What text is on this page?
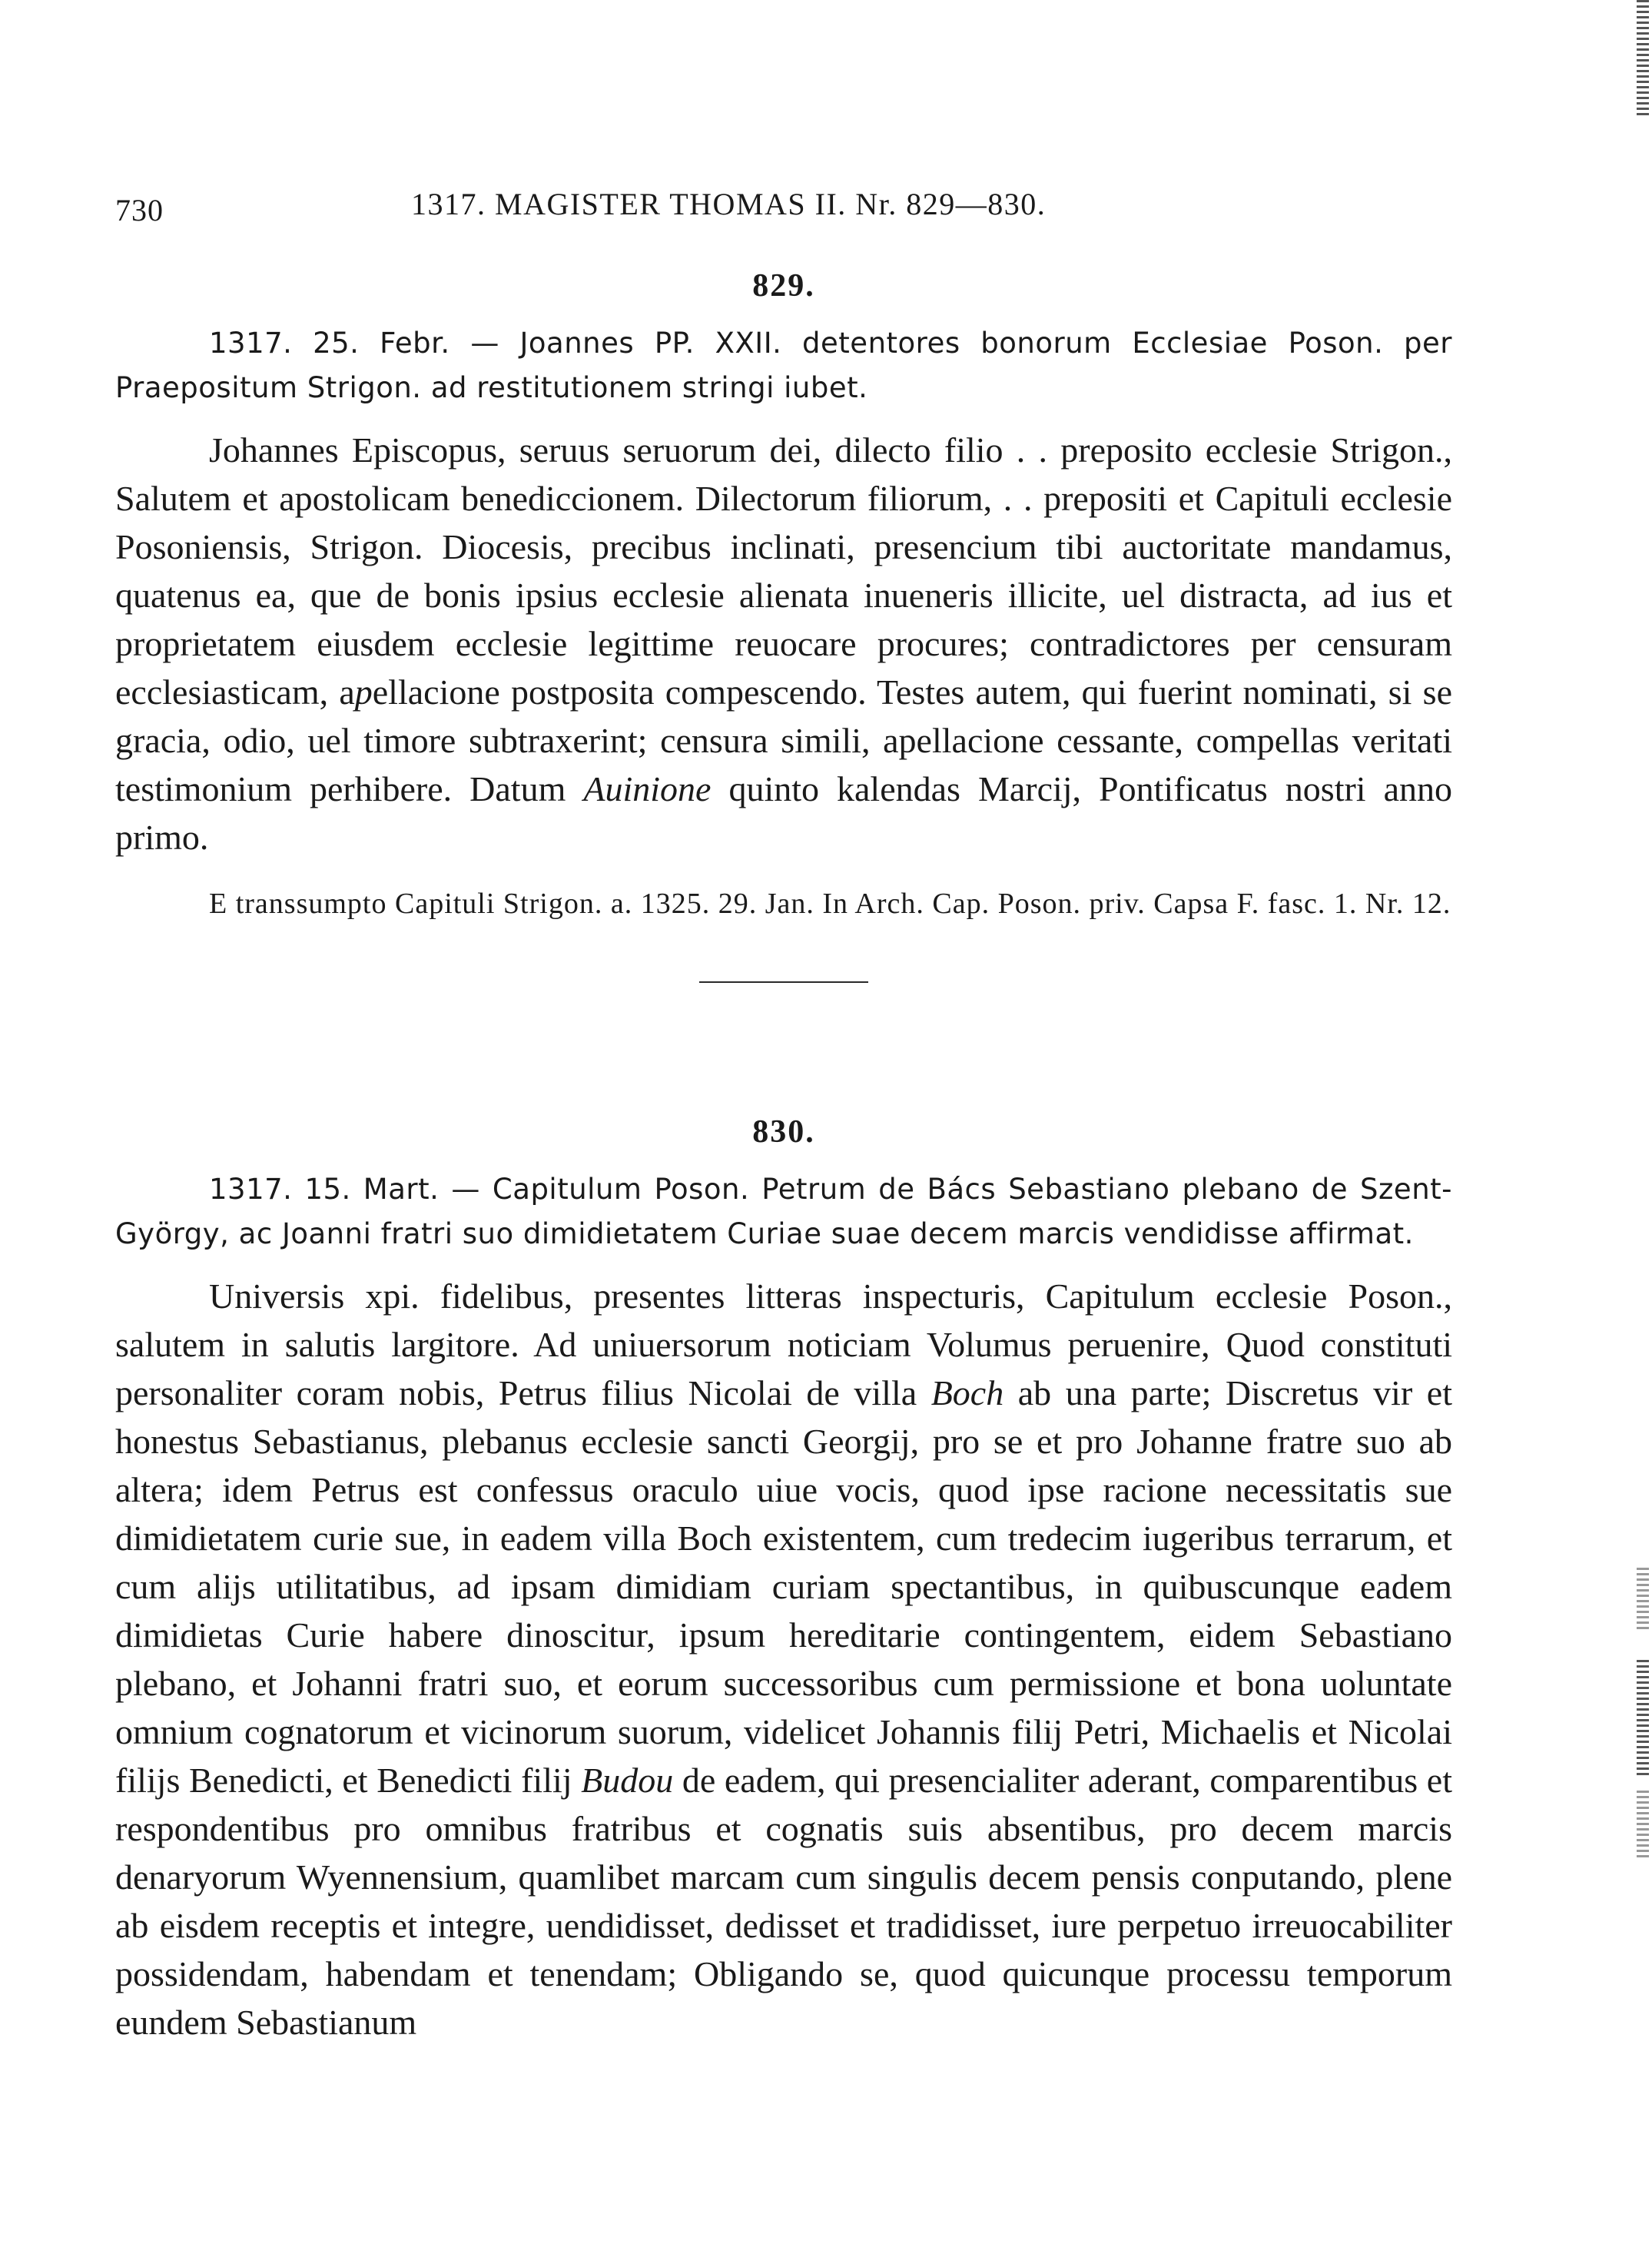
730	1317. MAGISTER THOMAS II. Nr. 829—830.
829.

1317. 25. Febr. — Joannes PP. XXII. detentores bonorum Ecclesiae Poson. per Praepositum Strigon. ad restitutionem stringi iubet.

Johannes Episcopus, seruus seruorum dei, dilecto filio . . preposito ecclesie Strigon., Salutem et apostolicam benediccionem. Dilectorum filiorum, . . prepositi et Capituli ecclesie Posoniensis, Strigon. Diocesis, precibus inclinati, presencium tibi auctoritate mandamus, quatenus ea, que de bonis ipsius ecclesie alienata inueneris illicite, uel distracta, ad ius et proprietatem eiusdem ecclesie legittime reuocare procures; contradictores per censuram ecclesiasticam, apellacione postposita compescendo. Testes autem, qui fuerint nominati, si se gracia, odio, uel timore subtraxerint; censura simili, apellacione cessante, compellas veritati testimonium perhibere. Datum Auinione quinto kalendas Marcij, Pontificatus nostri anno primo.

E transsumpto Capituli Strigon. a. 1325. 29. Jan. In Arch. Cap. Poson. priv. Capsa F. fasc. 1. Nr. 12.

830.

1317. 15. Mart. — Capitulum Poson. Petrum de Bács Sebastiano plebano de Szent-György, ac Joanni fratri suo dimidietatem Curiae suae decem marcis vendidisse affirmat.

Universis xpi. fidelibus, presentes litteras inspecturis, Capitulum ecclesie Poson., salutem in salutis largitore. Ad uniuersorum noticiam Volumus peruenire, Quod constituti personaliter coram nobis, Petrus filius Nicolai de villa Boch ab una parte; Discretus vir et honestus Sebastianus, plebanus ecclesie sancti Georgij, pro se et pro Johanne fratre suo ab altera; idem Petrus est confessus oraculo uiue vocis, quod ipse racione necessitatis sue dimidietatem curie sue, in eadem villa Boch existentem, cum tredecim iugeribus terrarum, et cum alijs utilitatibus, ad ipsam dimidiam curiam spectantibus, in quibuscunque eadem dimidietas Curie habere dinoscitur, ipsum hereditarie contingentem, eidem Sebastiano plebano, et Johanni fratri suo, et eorum successoribus cum permissione et bona uoluntate omnium cognatorum et vicinorum suorum, videlicet Johannis filij Petri, Michaelis et Nicolai filijs Benedicti, et Benedicti filij Budou de eadem, qui presencialiter aderant, comparentibus et respondentibus pro omnibus fratribus et cognatis suis absentibus, pro decem marcis denaryorum Wyennensium, quamlibet marcam cum singulis decem pensis conputando, plene ab eisdem receptis et integre, uendidisset, dedisset et tradidisset, iure perpetuo irreuocabiliter possidendam, habendam et tenendam; Obligando se, quod quicunque processu temporum eundem Sebastianum
